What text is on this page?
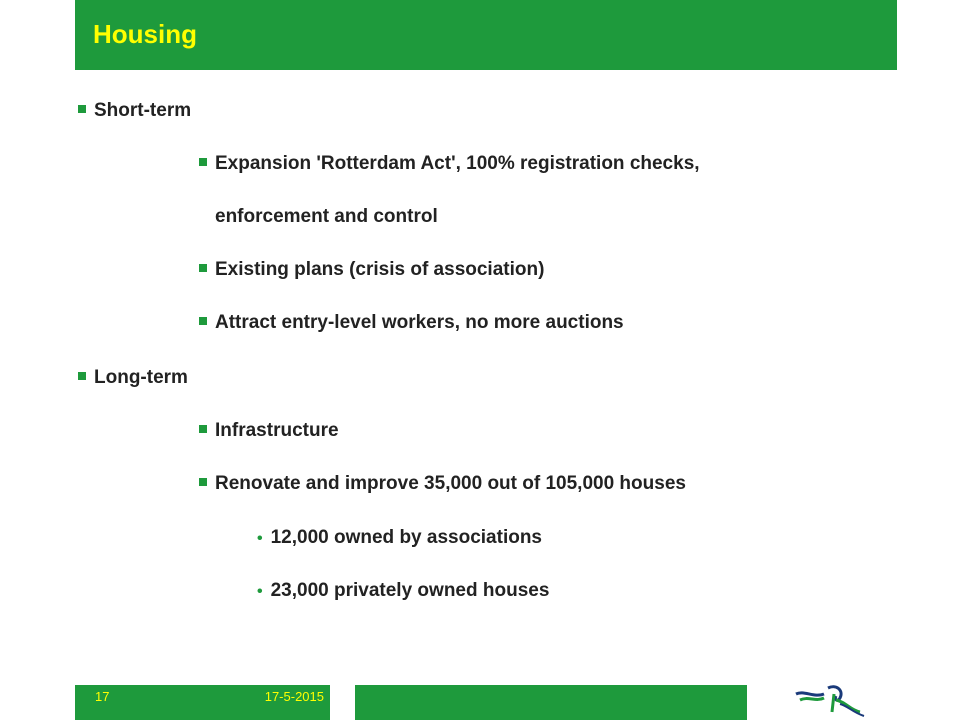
Housing
Short-term
Expansion 'Rotterdam Act', 100% registration checks,
enforcement and control
Existing plans (crisis of association)
Attract entry-level workers, no more auctions
Long-term
Infrastructure
Renovate and improve 35,000 out of 105,000 houses
• 12,000 owned by associations
• 23,000 privately owned houses
17	17-5-2015
